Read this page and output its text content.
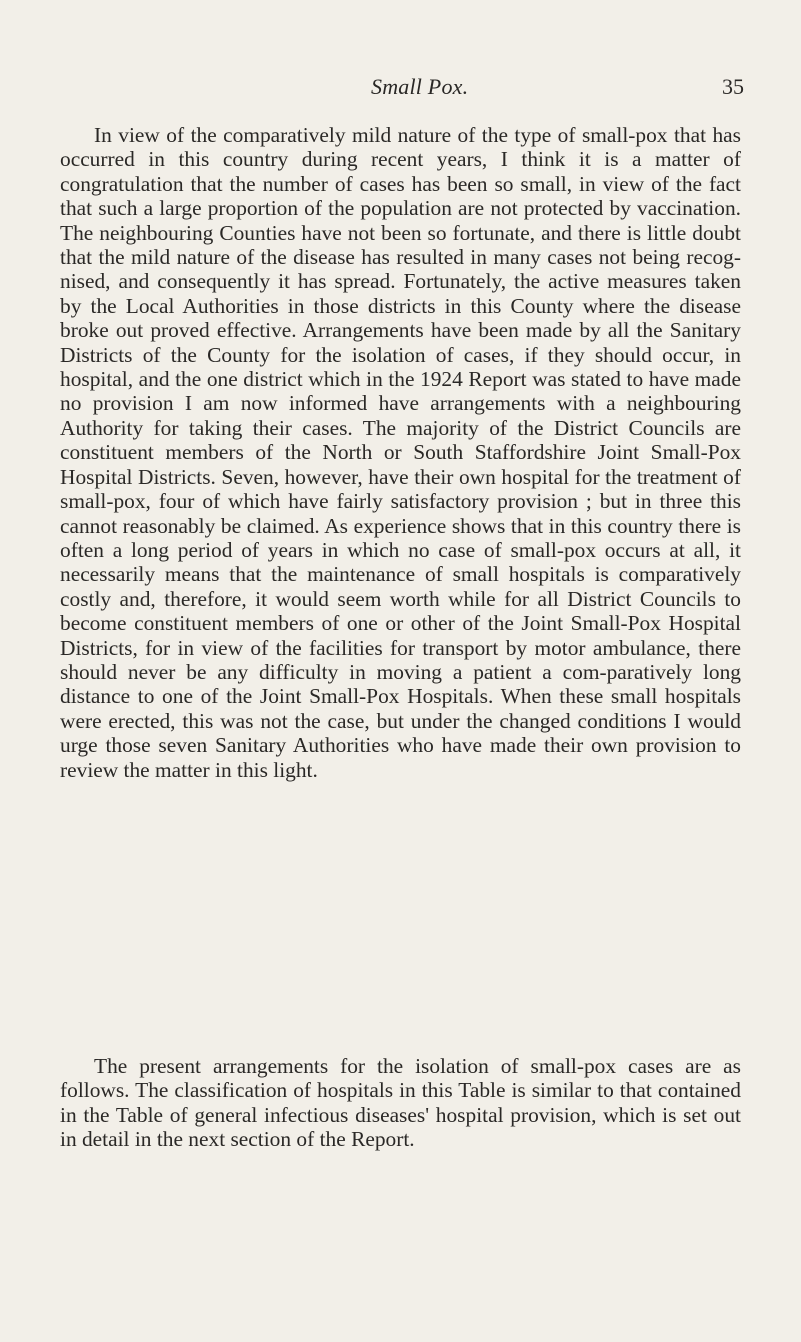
Small Pox.	35

In view of the comparatively mild nature of the type of small-pox that has occurred in this country during recent years, I think it is a matter of congratulation that the number of cases has been so small, in view of the fact that such a large proportion of the population are not protected by vaccination. The neighbouring Counties have not been so fortunate, and there is little doubt that the mild nature of the disease has resulted in many cases not being recog-nised, and consequently it has spread. Fortunately, the active measures taken by the Local Authorities in those districts in this County where the disease broke out proved effective. Arrangements have been made by all the Sanitary Districts of the County for the isolation of cases, if they should occur, in hospital, and the one district which in the 1924 Report was stated to have made no provision I am now informed have arrangements with a neighbouring Authority for taking their cases. The majority of the District Councils are constituent members of the North or South Staffordshire Joint Small-Pox Hospital Districts. Seven, however, have their own hospital for the treatment of small-pox, four of which have fairly satisfactory provision ; but in three this cannot reasonably be claimed. As experience shows that in this country there is often a long period of years in which no case of small-pox occurs at all, it necessarily means that the maintenance of small hospitals is comparatively costly and, therefore, it would seem worth while for all District Councils to become constituent members of one or other of the Joint Small-Pox Hospital Districts, for in view of the facilities for transport by motor ambulance, there should never be any difficulty in moving a patient a com-paratively long distance to one of the Joint Small-Pox Hospitals. When these small hospitals were erected, this was not the case, but under the changed conditions I would urge those seven Sanitary Authorities who have made their own provision to review the matter in this light.

The present arrangements for the isolation of small-pox cases are as follows. The classification of hospitals in this Table is similar to that contained in the Table of general infectious diseases' hospital provision, which is set out in detail in the next section of the Report.
